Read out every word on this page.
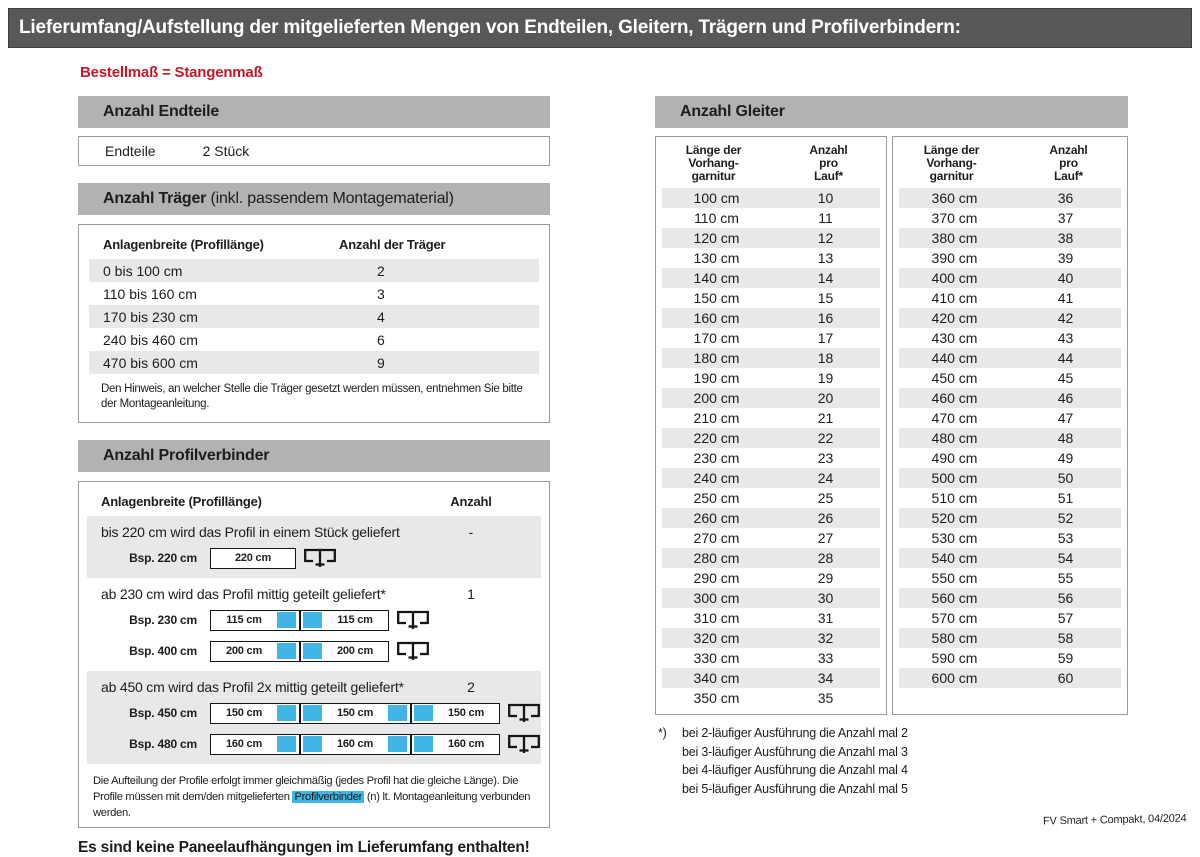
Lieferumfang/Aufstellung der mitgelieferten Mengen von Endteilen, Gleitern, Trägern und Profilverbindern:
Bestellmaß = Stangenmaß
Anzahl Endteile
Endteile	2 Stück
Anzahl Träger (inkl. passendem Montagematerial)
Anlagenbreite (Profillänge)	Anzahl der Träger
0 bis 100 cm	2
110 bis 160 cm	3
170 bis 230 cm	4
240 bis 460 cm	6
470 bis 600 cm	9
Den Hinweis, an welcher Stelle die Träger gesetzt werden müssen, entnehmen Sie bitte der Montageanleitung.
Anzahl Profilverbinder
Anlagenbreite (Profillänge)	Anzahl
bis 220 cm wird das Profil in einem Stück geliefert	-
Bsp. 220 cm	220 cm
ab 230 cm wird das Profil mittig geteilt geliefert*	1
Bsp. 230 cm	115 cm	115 cm
Bsp. 400 cm	200 cm	200 cm
ab 450 cm wird das Profil 2x mittig geteilt geliefert*	2
Bsp. 450 cm	150 cm	150 cm	150 cm
Bsp. 480 cm	160 cm	160 cm	160 cm
Die Aufteilung der Profile erfolgt immer gleichmäßig (jedes Profil hat die gleiche Länge). Die Profile müssen mit dem/den mitgelieferten Profilverbinder (n) lt. Montageanleitung verbunden werden.
Es sind keine Paneelaufhängungen im Lieferumfang enthalten!
Anzahl Gleiter
Länge der
Vorhang-
garnitur
Anzahl
pro
Lauf*
100 cm	10
110 cm	11
120 cm	12
130 cm	13
140 cm	14
150 cm	15
160 cm	16
170 cm	17
180 cm	18
190 cm	19
200 cm	20
210 cm	21
220 cm	22
230 cm	23
240 cm	24
250 cm	25
260 cm	26
270 cm	27
280 cm	28
290 cm	29
300 cm	30
310 cm	31
320 cm	32
330 cm	33
340 cm	34
350 cm	35
Länge der
Vorhang-
garnitur
Anzahl
pro
Lauf*
360 cm	36
370 cm	37
380 cm	38
390 cm	39
400 cm	40
410 cm	41
420 cm	42
430 cm	43
440 cm	44
450 cm	45
460 cm	46
470 cm	47
480 cm	48
490 cm	49
500 cm	50
510 cm	51
520 cm	52
530 cm	53
540 cm	54
550 cm	55
560 cm	56
570 cm	57
580 cm	58
590 cm	59
600 cm	60
*)	bei 2-läufiger Ausführung die Anzahl mal 2
bei 3-läufiger Ausführung die Anzahl mal 3
bei 4-läufiger Ausführung die Anzahl mal 4
bei 5-läufiger Ausführung die Anzahl mal 5

FV Smart + Compakt, 04/2024
